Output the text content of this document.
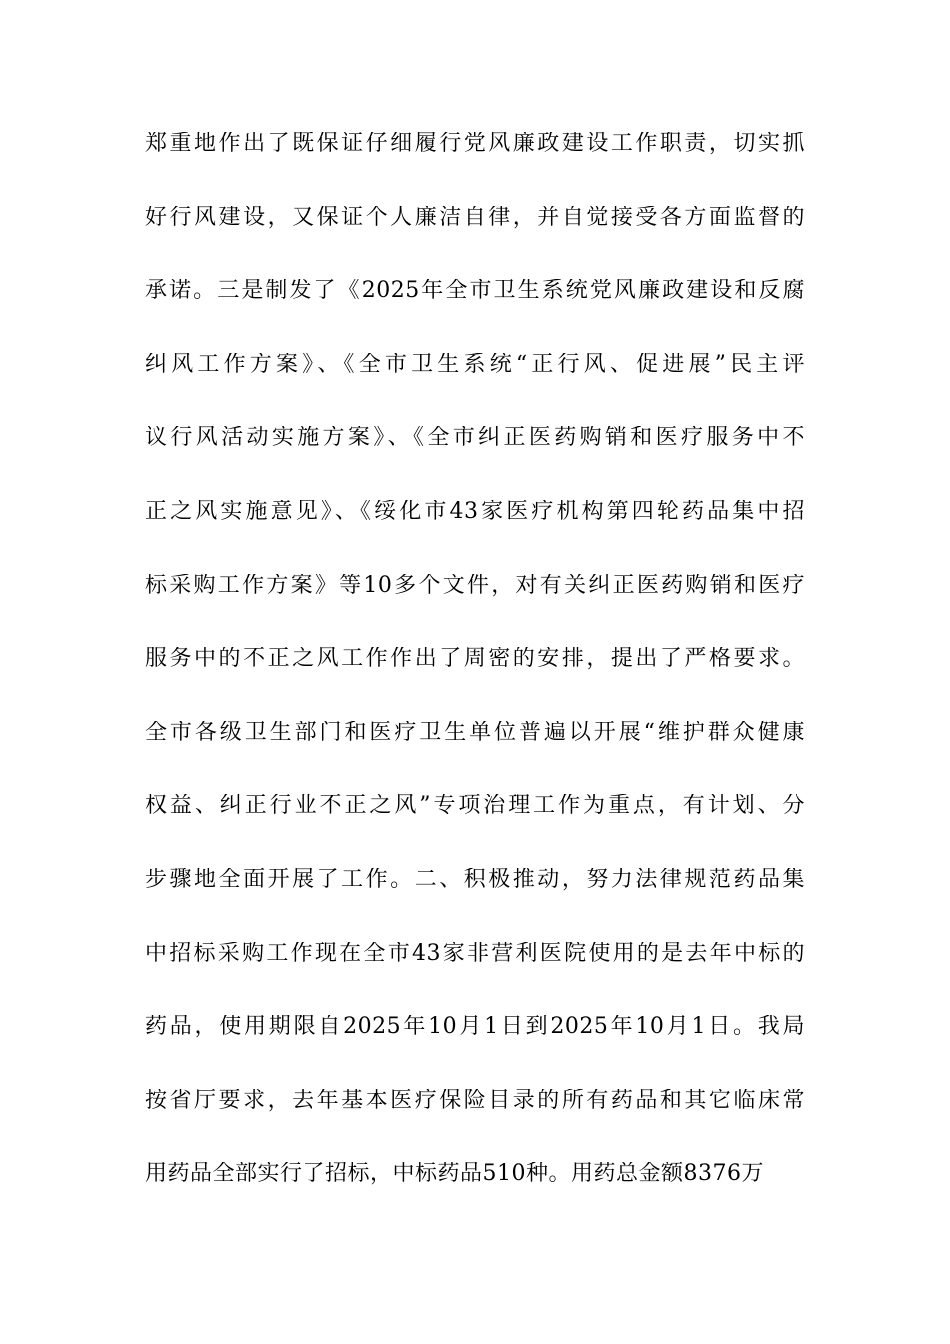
郑重地作出了既保证仔细履行党风廉政建设工作职责，切实抓
好行风建设，又保证个人廉洁自律，并自觉接受各方面监督的
承诺。三是制发了《2025年全市卫生系统党风廉政建设和反腐
纠风工作方案》、《全市卫生系统“正行风、促进展”民主评
议行风活动实施方案》、《全市纠正医药购销和医疗服务中不
正之风实施意见》、《绥化市43家医疗机构第四轮药品集中招
标采购工作方案》等10多个文件，对有关纠正医药购销和医疗
服务中的不正之风工作作出了周密的安排，提出了严格要求。
全市各级卫生部门和医疗卫生单位普遍以开展“维护群众健康
权益、纠正行业不正之风”专项治理工作为重点，有计划、分
步骤地全面开展了工作。二、积极推动，努力法律规范药品集
中招标采购工作现在全市43家非营利医院使用的是去年中标的
药品，使用期限自2025年10月1日到2025年10月1日。我局
按省厅要求，去年基本医疗保险目录的所有药品和其它临床常
用药品全部实行了招标，中标药品510种。用药总金额8376万
